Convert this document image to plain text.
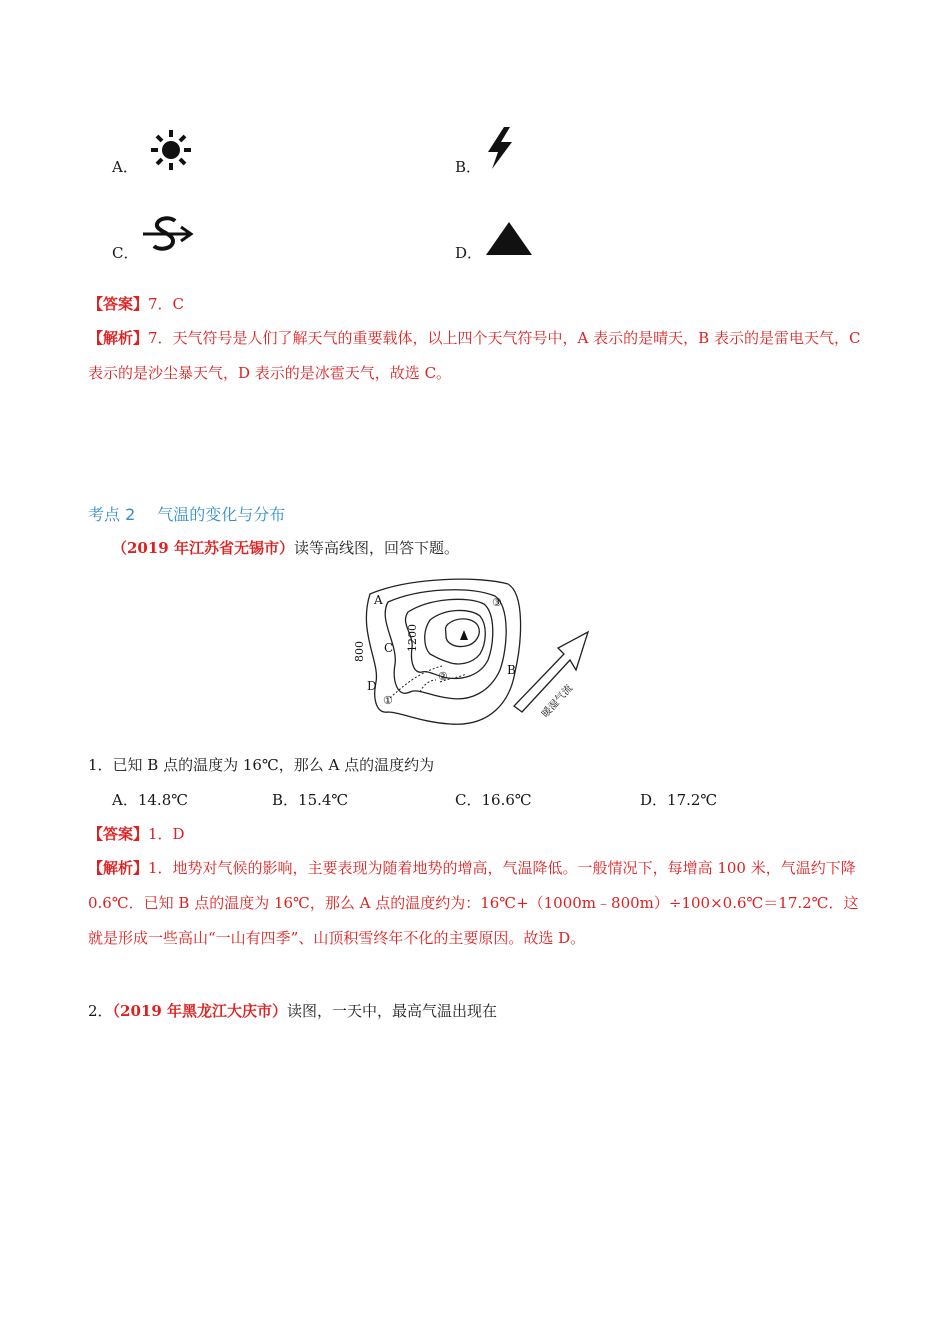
A．	B．
C．	D．
【答案】7．C
【解析】7．天气符号是人们了解天气的重要载体，以上四个天气符号中，A 表示的是晴天，B 表示的是雷电天气，C 表示的是沙尘暴天气，D 表示的是冰雹天气，故选 C。
考点 2 气温的变化与分布
（2019 年江苏省无锡市）读等高线图，回答下题。
A
B
C
D
③
②
①
800	1200
暖湿气流
1．已知 B 点的温度为 16℃，那么 A 点的温度约为
A．14.8℃	B．15.4℃	C．16.6℃	D．17.2℃
【答案】1．D
【解析】1．地势对气候的影响，主要表现为随着地势的增高，气温降低。一般情况下，每增高 100 米，气温约下降 0.6℃．已知 B 点的温度为 16℃，那么 A 点的温度约为：16℃+（1000m﹣800m）÷100×0.6℃＝17.2℃．这就是形成一些高山“一山有四季”、山顶积雪终年不化的主要原因。故选 D。
2．（2019 年黑龙江大庆市）读图，一天中，最高气温出现在
